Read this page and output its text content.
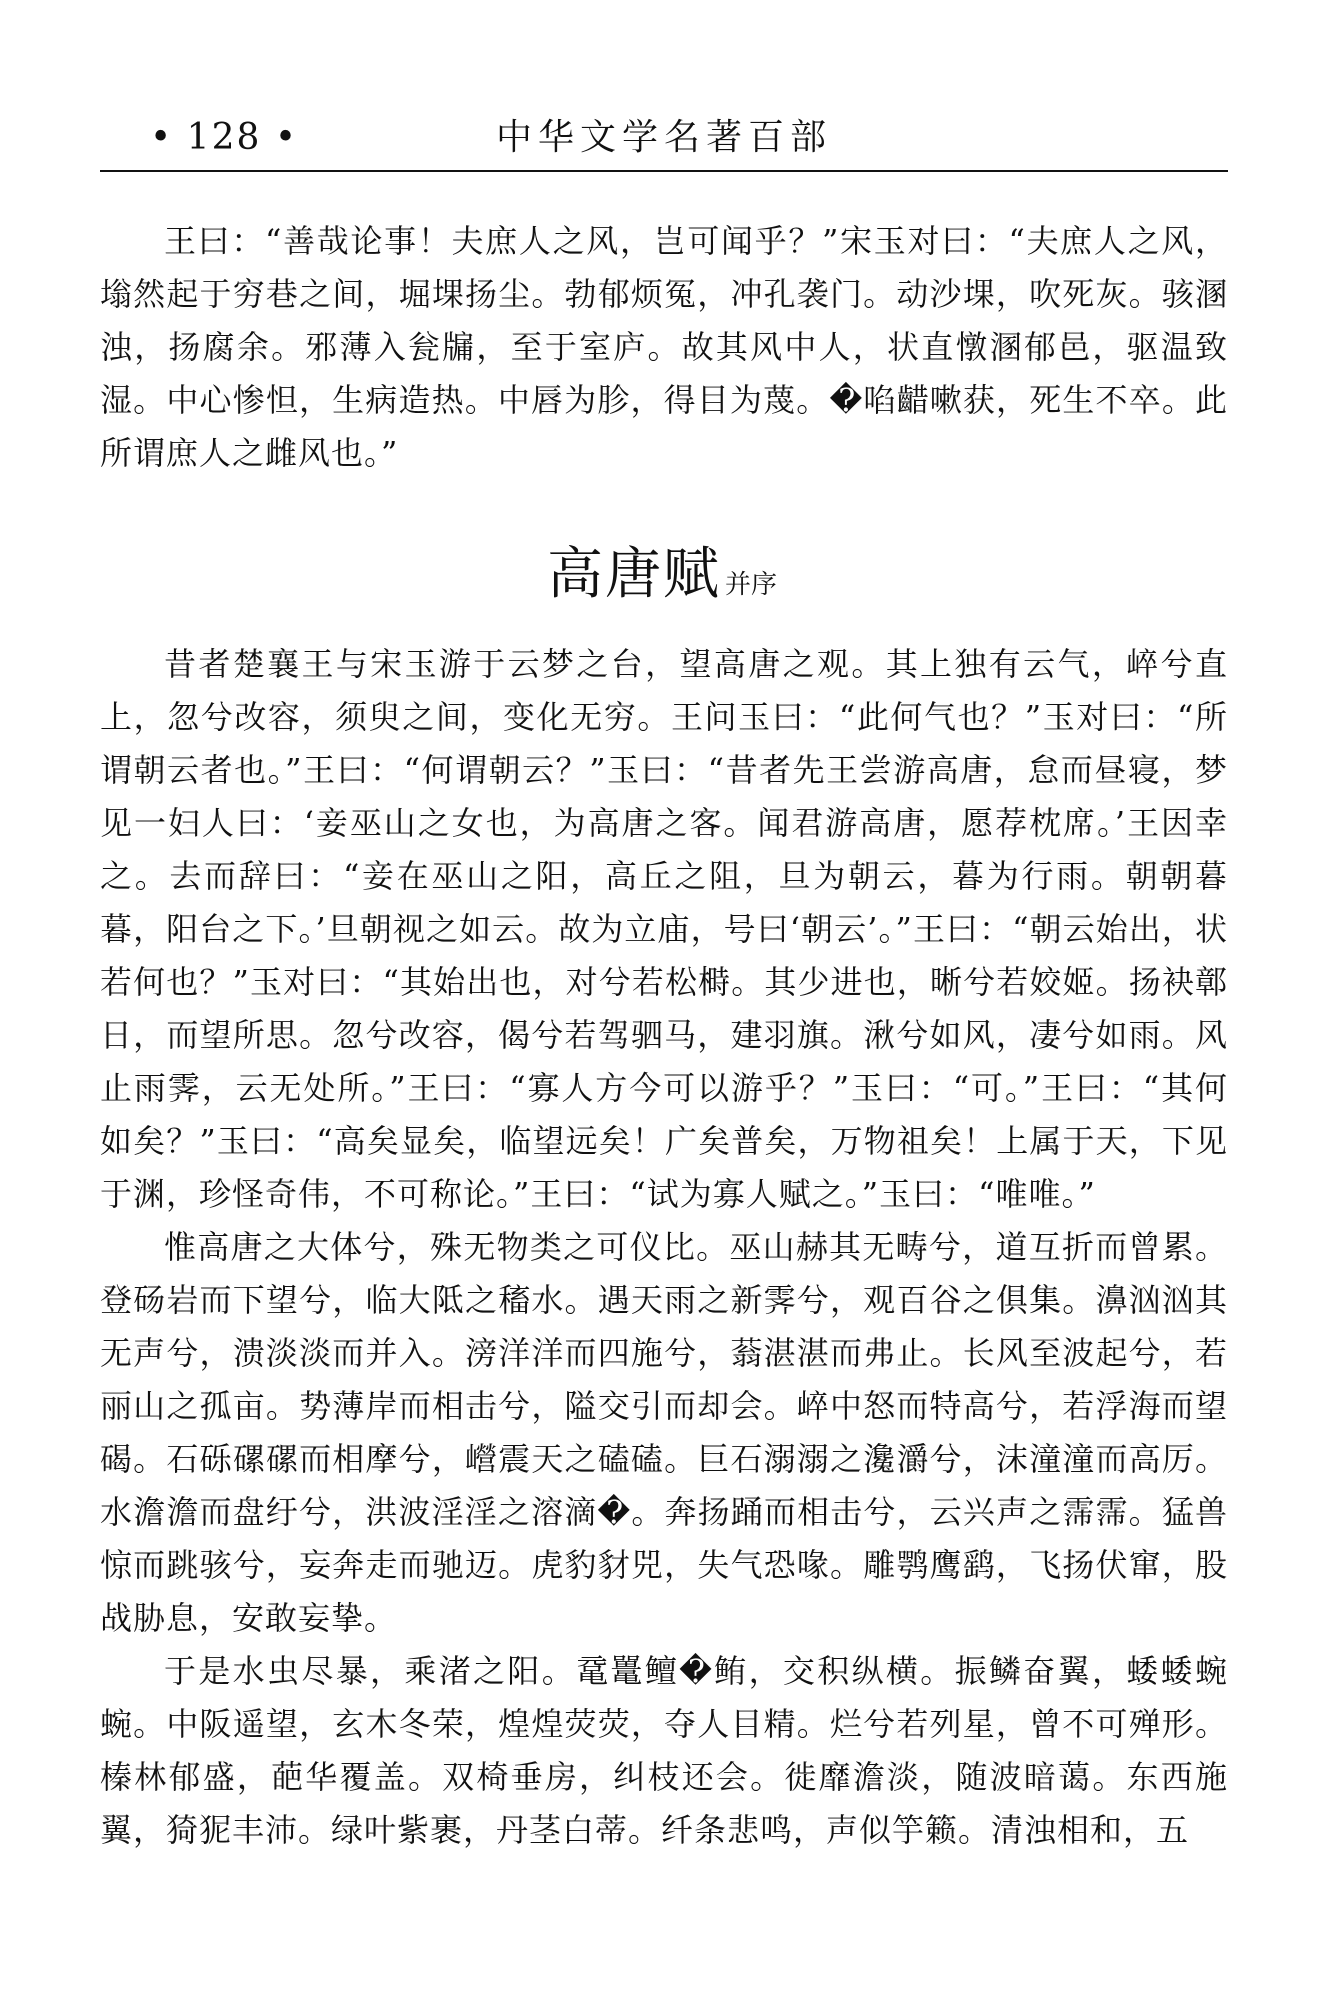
• 128 •	中华文学名著百部

王曰：“善哉论事！夫庶人之风，岂可闻乎？”宋玉对曰：“夫庶人之风，塕然起于穷巷之间，堀堁扬尘。勃郁烦冤，冲孔袭门。动沙堁，吹死灰。骇溷浊，扬腐余。邪薄入瓮牖，至于室庐。故其风中人，状直憞溷郁邑，驱温致湿。中心惨怛，生病造热。中唇为胗，得目为蔑。�啗齰嗽获，死生不卒。此所谓庶人之雌风也。”

高唐赋 并序

昔者楚襄王与宋玉游于云梦之台，望高唐之观。其上独有云气，崪兮直上，忽兮改容，须臾之间，变化无穷。王问玉曰：“此何气也？”玉对曰：“所谓朝云者也。”王曰：“何谓朝云？”玉曰：“昔者先王尝游高唐，怠而昼寝，梦见一妇人曰：‘妾巫山之女也，为高唐之客。闻君游高唐，愿荐枕席。’王因幸之。去而辞曰：“妾在巫山之阳，高丘之阻，旦为朝云，暮为行雨。朝朝暮暮，阳台之下。’旦朝视之如云。故为立庙，号曰‘朝云’。”王曰：“朝云始出，状若何也？”玉对曰：“其始出也，对兮若松榯。其少进也，晰兮若姣姬。扬袂鄣日，而望所思。忽兮改容，偈兮若驾驷马，建羽旗。湫兮如风，凄兮如雨。风止雨霁，云无处所。”王曰：“寡人方今可以游乎？”玉曰：“可。”王曰：“其何如矣？”玉曰：“高矣显矣，临望远矣！广矣普矣，万物祖矣！上属于天，下见于渊，珍怪奇伟，不可称论。”王曰：“试为寡人赋之。”玉曰：“唯唯。”

惟高唐之大体兮，殊无物类之可仪比。巫山赫其无畴兮，道互折而曾累。登砀岩而下望兮，临大阺之稸水。遇天雨之新霁兮，观百谷之俱集。濞汹汹其无声兮，溃淡淡而并入。滂洋洋而四施兮，蓊湛湛而弗止。长风至波起兮，若丽山之孤亩。势薄岸而相击兮，隘交引而却会。崪中怒而特高兮，若浮海而望碣。石砾磥磥而相摩兮，巆震天之磕磕。巨石溺溺之瀺灂兮，沫潼潼而高厉。水澹澹而盘纡兮，洪波淫淫之溶滴�。奔扬踊而相击兮，云兴声之霈霈。猛兽惊而跳骇兮，妄奔走而驰迈。虎豹豺兕，失气恐喙。雕鹗鹰鹞，飞扬伏窜，股战胁息，安敢妄挚。

于是水虫尽暴，乘渚之阳。鼋鼍鳣�鲔，交积纵横。振鳞奋翼，蜲蜲蜿蜿。中阪遥望，玄木冬荣，煌煌荧荧，夺人目精。烂兮若列星，曾不可殚形。榛林郁盛，葩华覆盖。双椅垂房，纠枝还会。徙靡澹淡，随波暗蔼。东西施翼，猗狔丰沛。绿叶紫裹，丹茎白蒂。纤条悲鸣，声似竽籁。清浊相和，五
